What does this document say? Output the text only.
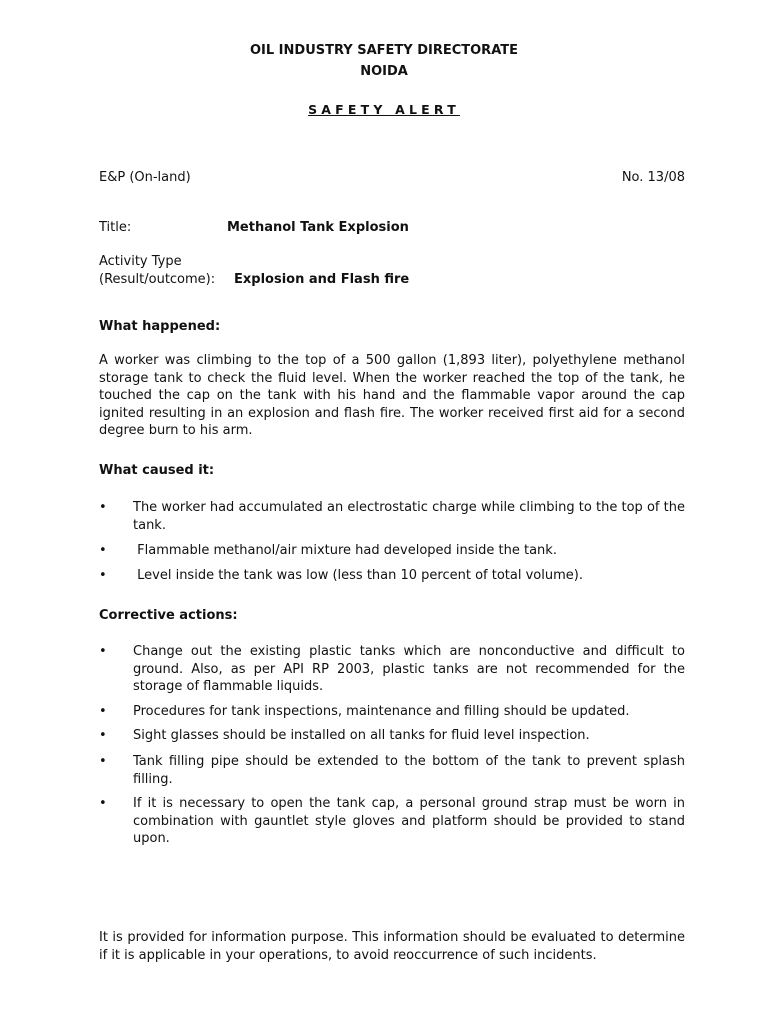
OIL INDUSTRY SAFETY DIRECTORATE
NOIDA
SAFETY ALERT
E&P (On-land)	No. 13/08
Title:	Methanol Tank Explosion
Activity Type
(Result/outcome): Explosion and Flash fire
What happened:
A worker was climbing to the top of a 500 gallon (1,893 liter), polyethylene methanol storage tank to check the fluid level. When the worker reached the top of the tank, he touched the cap on the tank with his hand and the flammable vapor around the cap ignited resulting in an explosion and flash fire. The worker received first aid for a second degree burn to his arm.
What caused it:
•	The worker had accumulated an electrostatic charge while climbing to the top of the tank.
•	Flammable methanol/air mixture had developed inside the tank.
•	Level inside the tank was low (less than 10 percent of total volume).
Corrective actions:
•	Change out the existing plastic tanks which are nonconductive and difficult to ground. Also, as per API RP 2003, plastic tanks are not recommended for the storage of flammable liquids.
•	Procedures for tank inspections, maintenance and filling should be updated.
•	Sight glasses should be installed on all tanks for fluid level inspection.
•	Tank filling pipe should be extended to the bottom of the tank to prevent splash filling.
•	If it is necessary to open the tank cap, a personal ground strap must be worn in combination with gauntlet style gloves and platform should be provided to stand upon.
It is provided for information purpose. This information should be evaluated to determine if it is applicable in your operations, to avoid reoccurrence of such incidents.
